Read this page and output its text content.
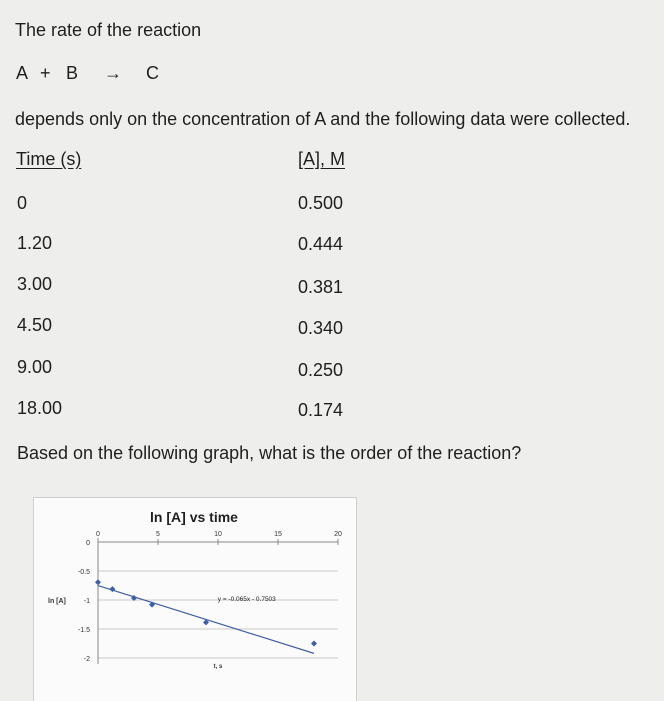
The rate of the reaction
A + B → C
depends only on the concentration of A and the following data were collected.
Time (s)	[A], M
0	0.500
1.20	0.444
3.00	0.381
4.50	0.340
9.00	0.250
18.00	0.174
Based on the following graph, what is the order of the reaction?
ln [A] vs time
0
-0.5
-1
-1.5
-2
0	5	10	15	20
ln [A]
t, s
y = -0.065x - 0.7503
